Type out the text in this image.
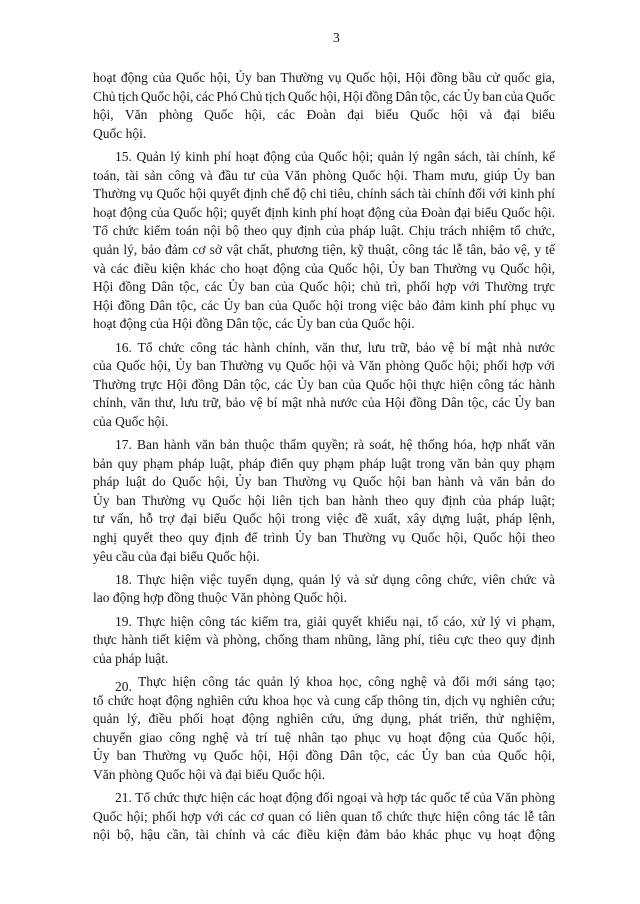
3
hoạt động của Quốc hội, Ủy ban Thường vụ Quốc hội, Hội đồng bầu cử quốc gia,
Chủ tịch Quốc hội, các Phó Chủ tịch Quốc hội, Hội đồng Dân tộc, các Ủy ban của Quốc
hội, Văn phòng Quốc hội, các Đoàn đại biểu Quốc hội và đại biểu
Quốc hội.
15. Quản lý kinh phí hoạt động của Quốc hội; quản lý ngân sách, tài chính, kế
toán, tài sản công và đầu tư của Văn phòng Quốc hội. Tham mưu, giúp Ủy ban
Thường vụ Quốc hội quyết định chế độ chi tiêu, chính sách tài chính đối với kinh phí
hoạt động của Quốc hội; quyết định kinh phí hoạt động của Đoàn đại biểu Quốc hội.
Tổ chức kiểm toán nội bộ theo quy định của pháp luật. Chịu trách nhiệm tổ chức,
quản lý, bảo đảm cơ sở vật chất, phương tiện, kỹ thuật, công tác lễ tân, bảo vệ, y tế
và các điều kiện khác cho hoạt động của Quốc hội, Ủy ban Thường vụ Quốc hội,
Hội đồng Dân tộc, các Ủy ban của Quốc hội; chủ trì, phối hợp với Thường trực
Hội đồng Dân tộc, các Ủy ban của Quốc hội trong việc bảo đảm kinh phí phục vụ
hoạt động của Hội đồng Dân tộc, các Ủy ban của Quốc hội.
16. Tổ chức công tác hành chính, văn thư, lưu trữ, bảo vệ bí mật nhà nước
của Quốc hội, Ủy ban Thường vụ Quốc hội và Văn phòng Quốc hội; phối hợp với
Thường trực Hội đồng Dân tộc, các Ủy ban của Quốc hội thực hiện công tác hành
chính, văn thư, lưu trữ, bảo vệ bí mật nhà nước của Hội đồng Dân tộc, các Ủy ban
của Quốc hội.
17. Ban hành văn bản thuộc thẩm quyền; rà soát, hệ thống hóa, hợp nhất văn
bản quy phạm pháp luật, pháp điển quy phạm pháp luật trong văn bản quy phạm
pháp luật do Quốc hội, Ủy ban Thường vụ Quốc hội ban hành và văn bản do
Ủy ban Thường vụ Quốc hội liên tịch ban hành theo quy định của pháp luật;
tư vấn, hỗ trợ đại biểu Quốc hội trong việc đề xuất, xây dựng luật, pháp lệnh,
nghị quyết theo quy định để trình Ủy ban Thường vụ Quốc hội, Quốc hội theo
yêu cầu của đại biểu Quốc hội.
18. Thực hiện việc tuyển dụng, quản lý và sử dụng công chức, viên chức và
lao động hợp đồng thuộc Văn phòng Quốc hội.
19. Thực hiện công tác kiểm tra, giải quyết khiếu nại, tố cáo, xử lý vi phạm,
thực hành tiết kiệm và phòng, chống tham nhũng, lãng phí, tiêu cực theo quy định
của pháp luật.
20. Thực hiện công tác quản lý khoa học, công nghệ và đổi mới sáng tạo;
tổ chức hoạt động nghiên cứu khoa học và cung cấp thông tin, dịch vụ nghiên cứu;
quản lý, điều phối hoạt động nghiên cứu, ứng dụng, phát triển, thử nghiệm,
chuyển giao công nghệ và trí tuệ nhân tạo phục vụ hoạt động của Quốc hội,
Ủy ban Thường vụ Quốc hội, Hội đồng Dân tộc, các Ủy ban của Quốc hội,
Văn phòng Quốc hội và đại biểu Quốc hội.
21. Tổ chức thực hiện các hoạt động đối ngoại và hợp tác quốc tế của Văn phòng
Quốc hội; phối hợp với các cơ quan có liên quan tổ chức thực hiện công tác lễ tân
nội bộ, hậu cần, tài chính và các điều kiện đảm bảo khác phục vụ hoạt động
